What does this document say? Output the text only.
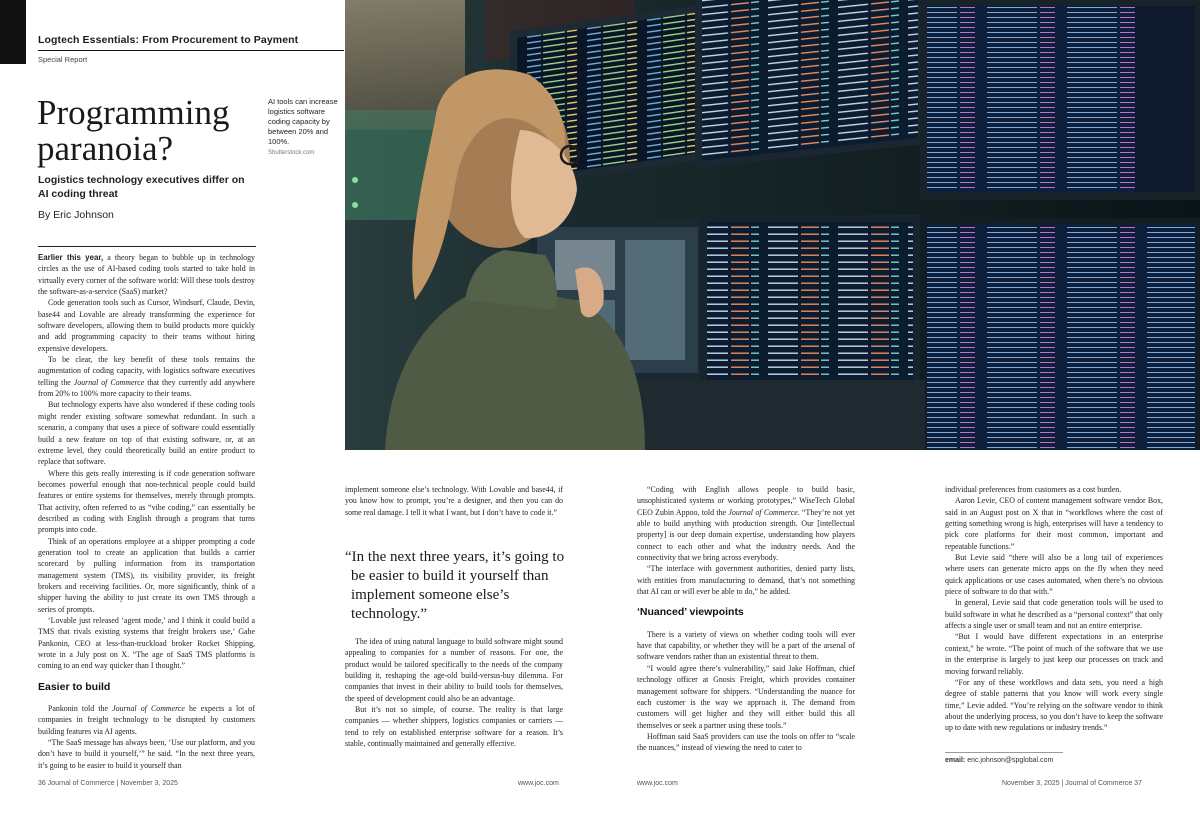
Logtech Essentials: From Procurement to Payment
Special Report
Programming paranoia?
Logistics technology executives differ on AI coding threat
By Eric Johnson
AI tools can increase logistics software coding capacity by between 20% and 100%.
Shutterstock.com

Earlier this year, a theory began to bubble up in technology circles as the use of AI-based coding tools started to take hold in virtually every corner of the software world: Will these tools destroy the software-as-a-service (SaaS) market?

Code generation tools such as Cursor, Windsurf, Claude, Devin, base44 and Lovable are already transforming the experience for software developers, allowing them to build products more quickly and add programming capacity to their teams without hiring expensive developers.

To be clear, the key benefit of these tools remains the augmentation of coding capacity, with logistics software executives telling the Journal of Commerce that they currently add anywhere from 20% to 100% more capacity to their teams.

But technology experts have also wondered if these coding tools might render existing software somewhat redundant. In such a scenario, a company that uses a piece of software could essentially build a new feature on top of that existing software, or, at an extreme level, they could theoretically build an entire product to replace that software.

Where this gets really interesting is if code generation software becomes powerful enough that non-technical people could build features or entire systems for themselves, merely through prompts. That activity, often referred to as “vibe coding,” can essentially be described as coding with English through a program that turns prompts into code.

Think of an operations employee at a shipper prompting a code generation tool to create an application that builds a carrier scorecard by pulling information from its transportation management system (TMS), its visibility provider, its freight brokers and receiving facilities. Or, more significantly, think of a shipper having the ability to just create its own TMS through a series of prompts.

‘Lovable just released ‘agent mode,’ and I think it could build a TMS that rivals existing systems that freight brokers use,’ Gabe Pankonin, CEO at less-than-truckload broker Rocket Shipping, wrote in a July post on X. “The age of SaaS TMS platforms is coming to an end way quicker than I thought.”

Easier to build

Pankonin told the Journal of Commerce he expects a lot of companies in freight technology to be disrupted by customers building features via AI agents.

“The SaaS message has always been, ‘Use our platform, and you don’t have to build it yourself,’” he said. “In the next three years, it’s going to be easier to build it yourself than

implement someone else’s technology. With Lovable and base44, if you know how to prompt, you’re a designer, and then you can do some real damage. I tell it what I want, but I don’t have to code it.”

The idea of using natural language to build software might sound appealing to companies for a number of reasons. For one, the product would be tailored specifically to the needs of the company building it, reshaping the age-old build-versus-buy dilemma. For companies that invest in their ability to build tools for themselves, the speed of development could also be an advantage.

But it’s not so simple, of course. The reality is that large companies — whether shippers, logistics companies or carriers — tend to rely on established enterprise software for a reason. It’s stable, continually maintained and generally effective.

“In the next three years, it’s going to be easier to build it yourself than implement someone else’s technology.”

“Coding with English allows people to build basic, unsophisticated systems or working prototypes,” WiseTech Global CEO Zubin Appoo, told the Journal of Commerce. “They’re not yet able to build anything with production strength. Our [intellectual property] is our deep domain expertise, understanding how players connect to each other and what the industry needs. And the connectivity that we bring across everybody.

“The interface with government authorities, denied party lists, with entities from manufacturing to demand, that’s not something that AI can or will ever be able to do,” he added.

‘Nuanced’ viewpoints

There is a variety of views on whether coding tools will ever have that capability, or whether they will be a part of the arsenal of software vendors rather than an existential threat to them.

“I would agree there’s vulnerability,” said Jake Hoffman, chief technology officer at Gnosis Freight, which provides container management software for shippers. “Understanding the nuance for each customer is the way we approach it. The demand from customers will get higher and they will either build this all themselves or seek a partner using these tools.”

Hoffman said SaaS providers can use the tools on offer to “scale the nuances,” instead of viewing the need to cater to

individual preferences from customers as a cost burden.

Aaron Levie, CEO of content management software vendor Box, said in an August post on X that in “workflows where the cost of getting something wrong is high, enterprises will have a tendency to pick core platforms for their most common, important and repeatable functions.”

But Levie said “there will also be a long tail of experiences where users can generate micro apps on the fly when they need quick applications or use cases automated, when there’s no obvious piece of software to do that with.”

In general, Levie said that code generation tools will be used to build software in what he described as a “personal context” that only affects a single user or small team and not an entire enterprise.

“But I would have different expectations in an enterprise context,” he wrote. “The point of much of the software that we use in the enterprise is largely to just keep our processes on track and moving forward reliably.

“For any of these workflows and data sets, you need a high degree of stable patterns that you know will work every single time,” Levie added. “You’re relying on the software vendor to think about the underlying process, so you don’t have to keep the software up to date with new regulations or industry trends.”

email: eric.johnson@spglobal.com
36 Journal of Commerce | November 3, 2025	www.joc.com	www.joc.com	November 3, 2025 | Journal of Commerce 37
